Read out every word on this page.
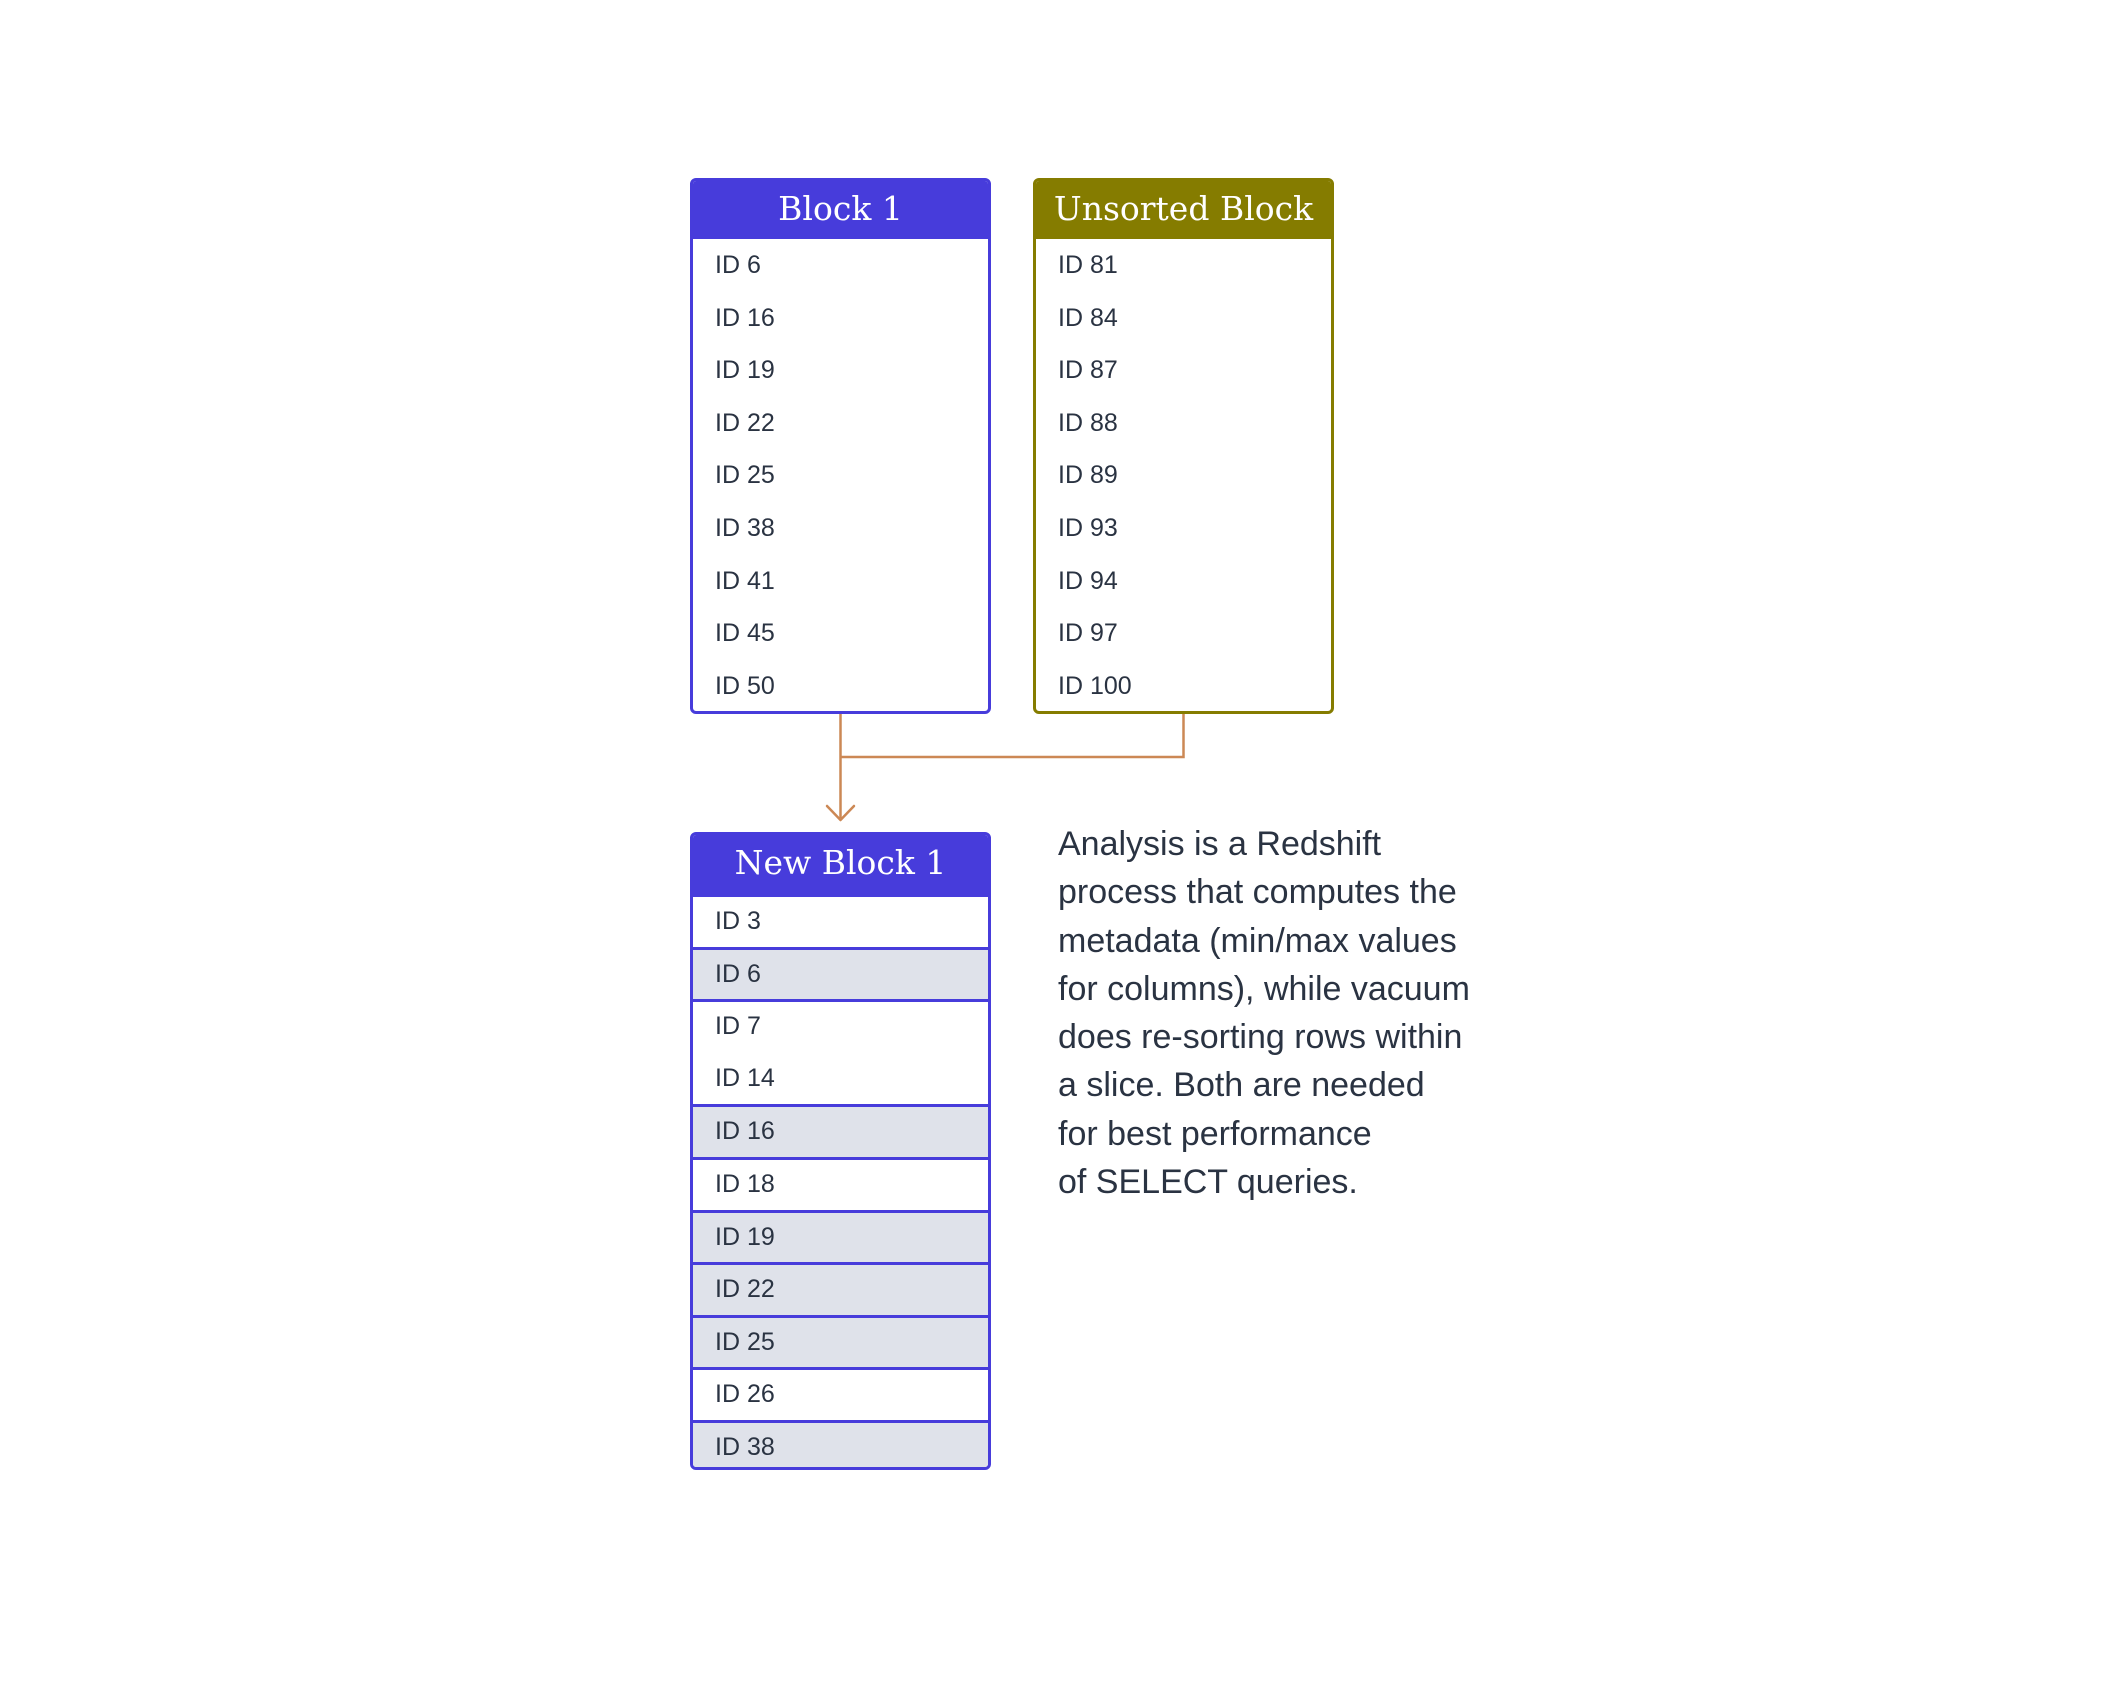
Block 1
ID 6
ID 16
ID 19
ID 22
ID 25
ID 38
ID 41
ID 45
ID 50
Unsorted Block
ID 81
ID 84
ID 87
ID 88
ID 89
ID 93
ID 94
ID 97
ID 100
New Block 1
ID 3
ID 6
ID 7
ID 14
ID 16
ID 18
ID 19
ID 22
ID 25
ID 26
ID 38

Analysis is a Redshift
process that computes the
metadata (min/max values
for columns), while vacuum
does re-sorting rows within
a slice. Both are needed
for best performance
of SELECT queries.
